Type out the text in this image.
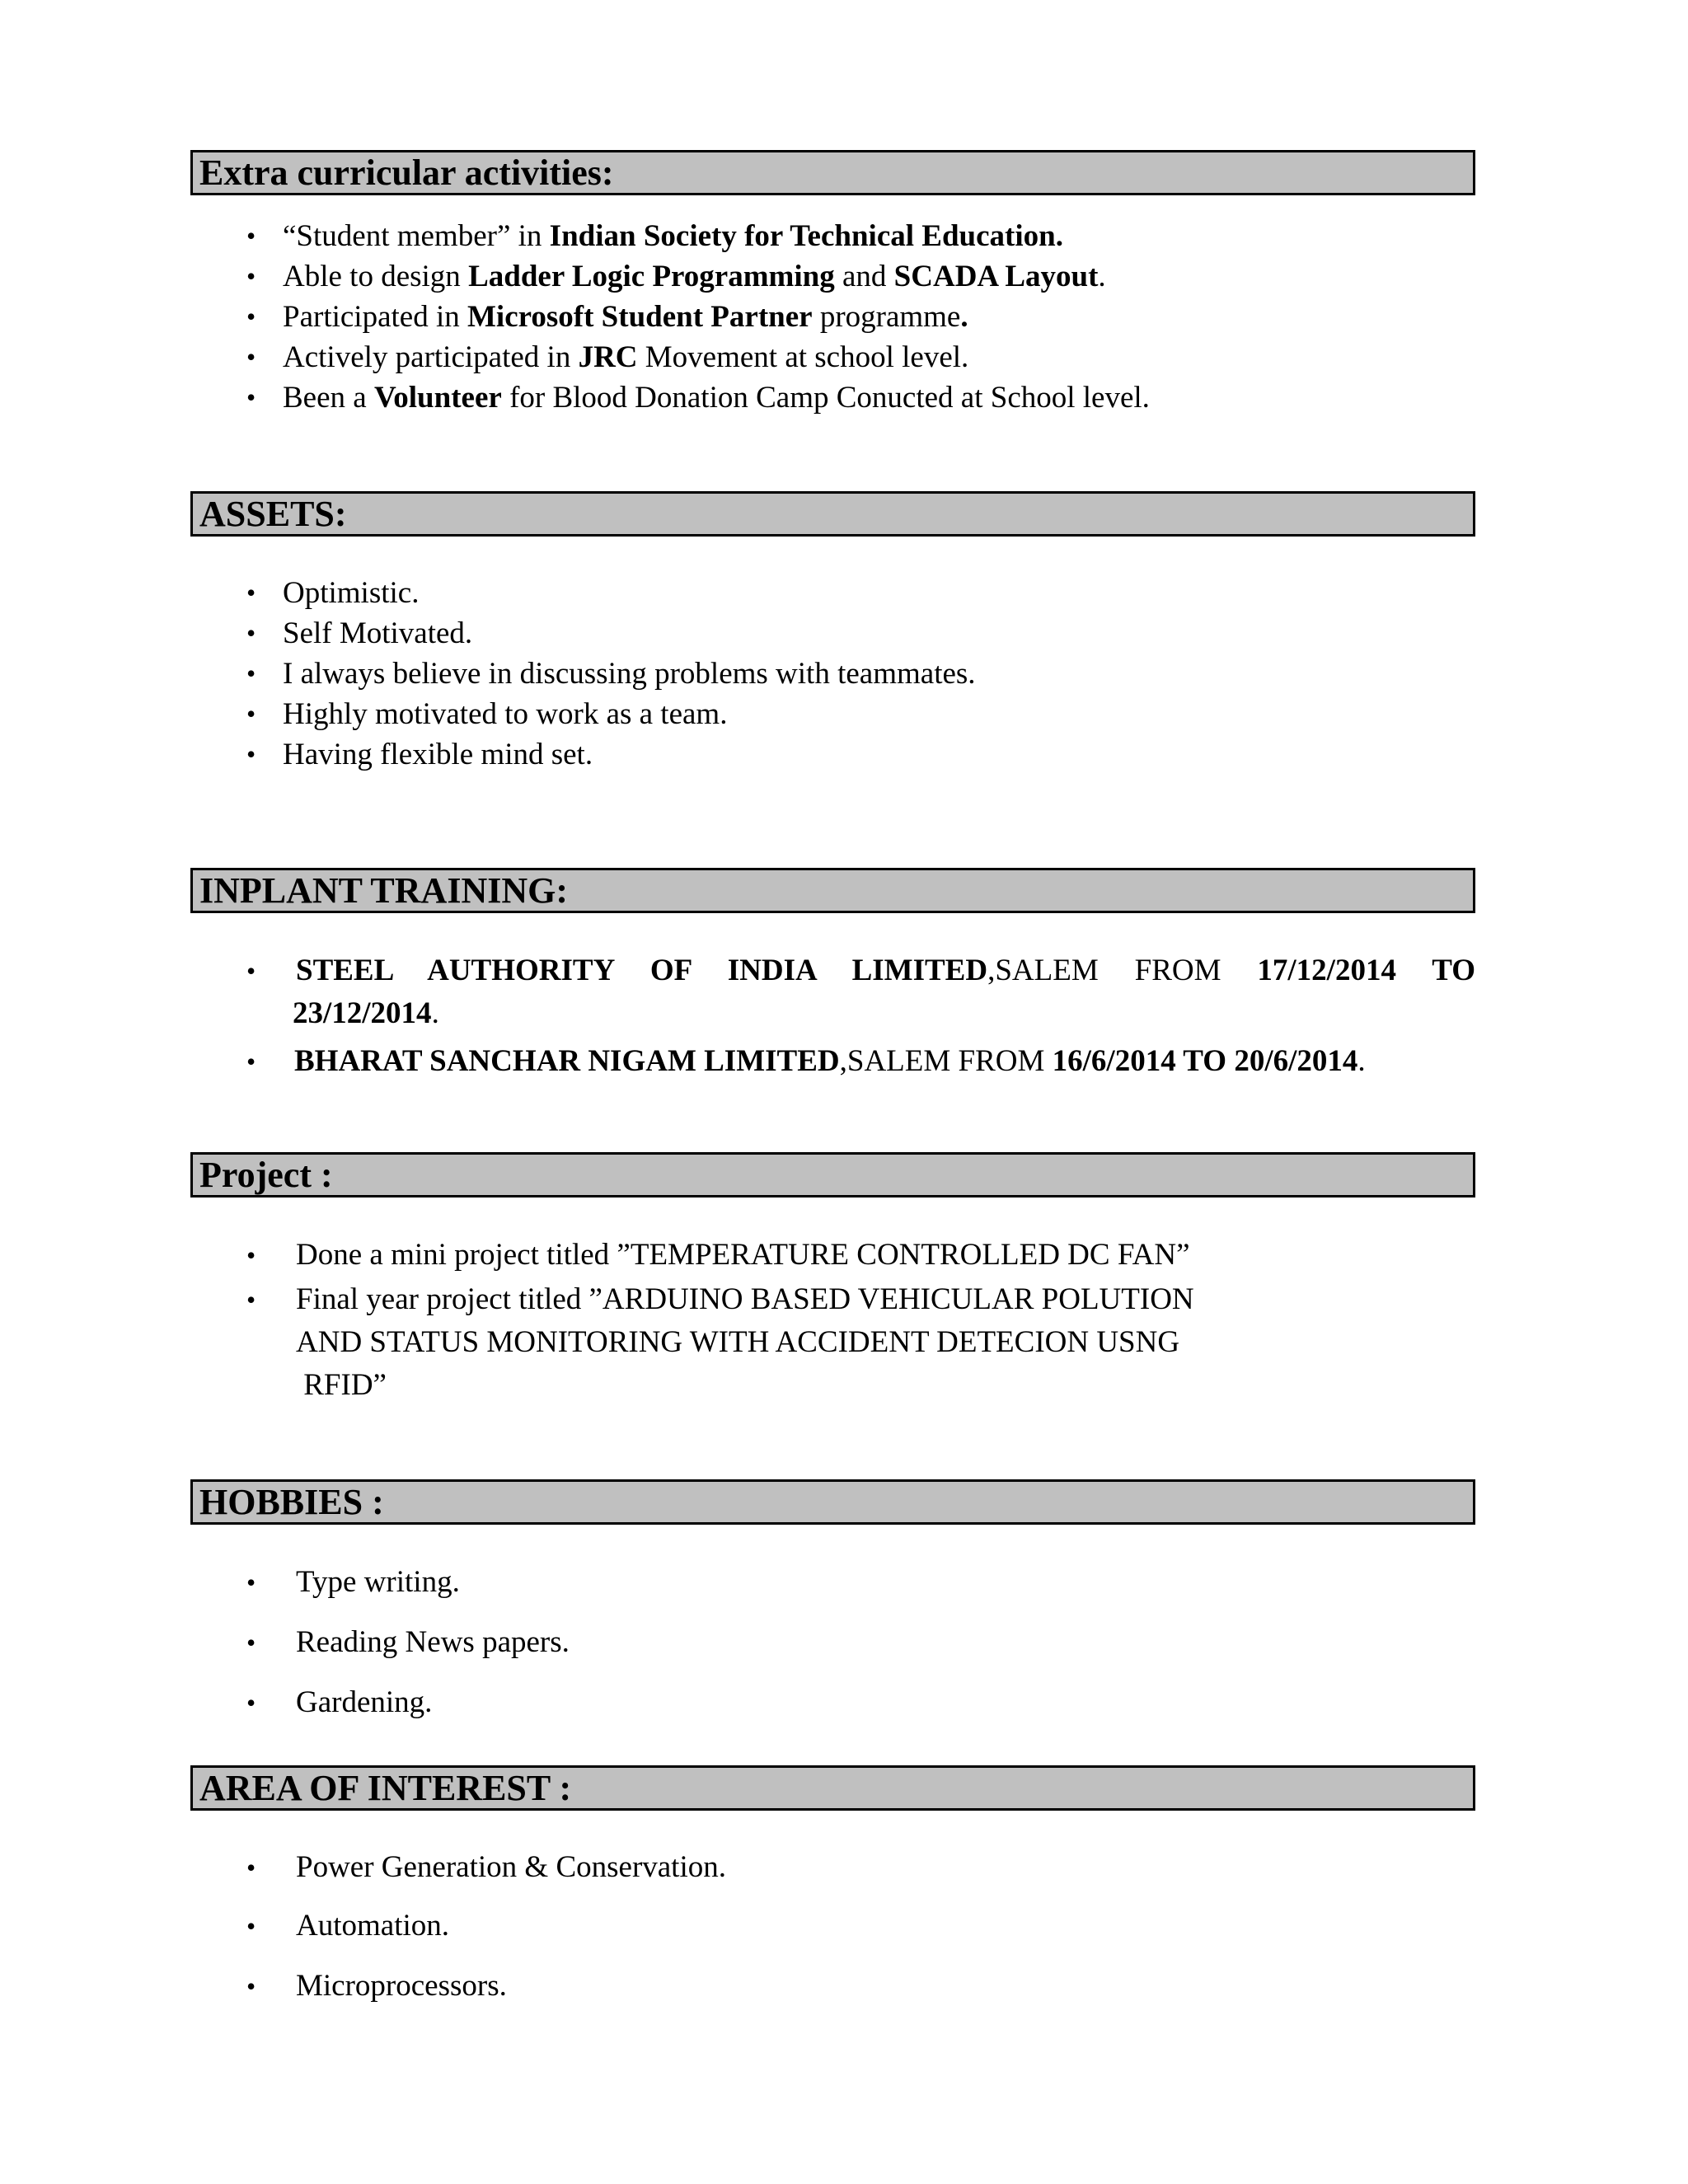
Extra curricular activities:
• “Student member” in Indian Society for Technical Education.
• Able to design Ladder Logic Programming and SCADA Layout.
• Participated in Microsoft Student Partner programme.
• Actively participated in JRC Movement at school level.
• Been a Volunteer for Blood Donation Camp Conucted at School level.
ASSETS:
• Optimistic.
• Self Motivated.
• I always believe in discussing problems with teammates.
• Highly motivated to work as a team.
• Having flexible mind set.
INPLANT TRAINING:
• STEEL AUTHORITY OF INDIA LIMITED,SALEM FROM 17/12/2014 TO
23/12/2014.
• BHARAT SANCHAR NIGAM LIMITED,SALEM FROM 16/6/2014 TO 20/6/2014.
Project :
• Done a mini project titled ”TEMPERATURE CONTROLLED DC FAN”
• Final year project titled ”ARDUINO BASED VEHICULAR POLUTION
AND STATUS MONITORING WITH ACCIDENT DETECION USNG
RFID”
HOBBIES :
• Type writing.
• Reading News papers.
• Gardening.
AREA OF INTEREST :
• Power Generation & Conservation.
• Automation.
• Microprocessors.
